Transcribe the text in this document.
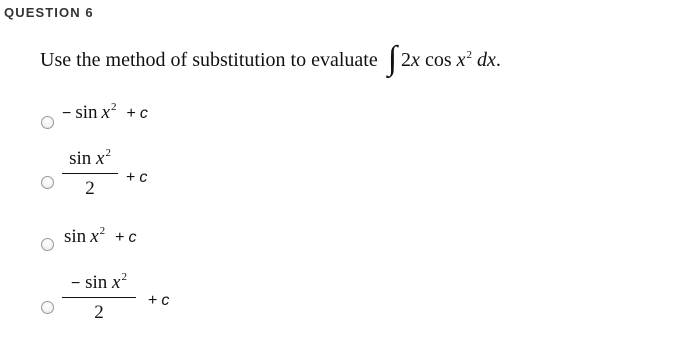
QUESTION 6
Use the method of substitution to evaluate ∫ 2x $\cos x^2$ dx.
− $\sin x^2 + c$
$\sin x^2$
2
+ c
$\sin x^2 + c$
− $\sin x^2$
2
+ c
